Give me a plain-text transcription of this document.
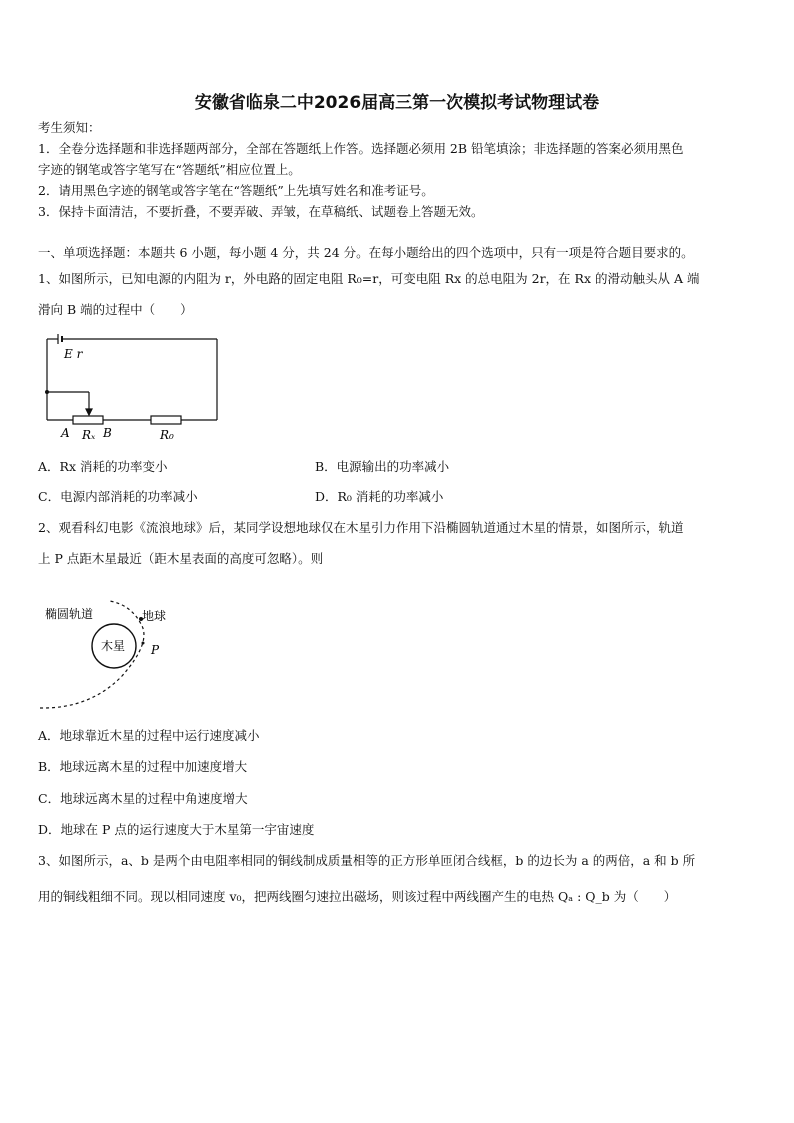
安徽省临泉二中2026届高三第一次模拟考试物理试卷
考生须知：
1．全卷分选择题和非选择题两部分，全部在答题纸上作答。选择题必须用 2B 铅笔填涂；非选择题的答案必须用黑色
字迹的钢笔或答字笔写在“答题纸”相应位置上。
2．请用黑色字迹的钢笔或答字笔在“答题纸”上先填写姓名和准考证号。
3．保持卡面清洁，不要折叠，不要弄破、弄皱，在草稿纸、试题卷上答题无效。
一、单项选择题：本题共 6 小题，每小题 4 分，共 24 分。在每小题给出的四个选项中，只有一项是符合题目要求的。
1、如图所示，已知电源的内阻为 r，外电路的固定电阻 R₀=r，可变电阻 Rx 的总电阻为 2r，在 Rx 的滑动触头从 A 端
滑向 B 端的过程中（　　）
E r
A Rₓ B	R₀
A．Rx 消耗的功率变小	B．电源输出的功率减小
C．电源内部消耗的功率减小	D．R₀ 消耗的功率减小
2、观看科幻电影《流浪地球》后，某同学设想地球仅在木星引力作用下沿椭圆轨道通过木星的情景，如图所示，轨道
上 P 点距木星最近（距木星表面的高度可忽略）。则
椭圆轨道	地球
木星 P
A．地球靠近木星的过程中运行速度减小
B．地球远离木星的过程中加速度增大
C．地球远离木星的过程中角速度增大
D．地球在 P 点的运行速度大于木星第一宇宙速度
3、如图所示，a、b 是两个由电阻率相同的铜线制成质量相等的正方形单匝闭合线框，b 的边长为 a 的两倍，a 和 b 所
用的铜线粗细不同。现以相同速度 v₀，把两线圈匀速拉出磁场，则该过程中两线圈产生的电热 Qₐ : Q_b 为（　　）
